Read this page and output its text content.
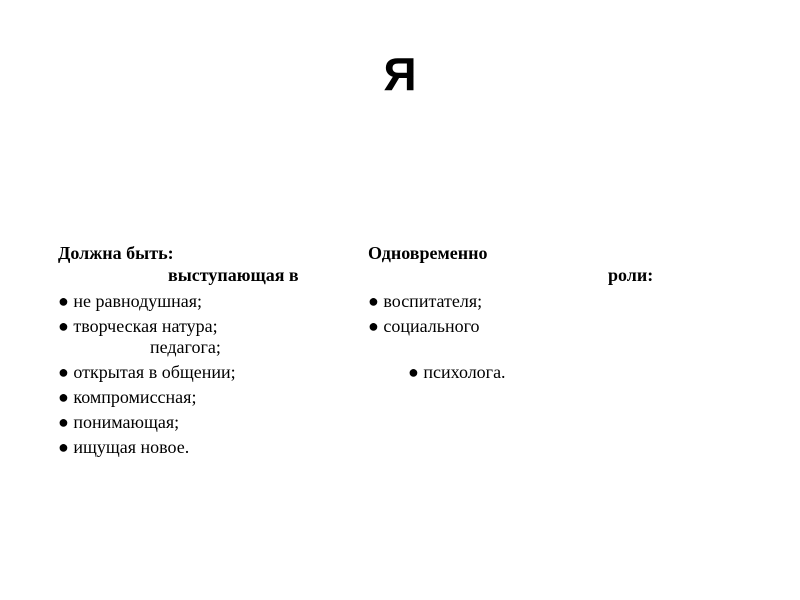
Я
Должна быть:
выступающая в
● не равнодушная;
● творческая натура;
педагога;
● открытая в общении;
● компромиссная;
● понимающая;
● ищущая новое.
Одновременно
роли:
● воспитателя;
● социального
● психолога.
